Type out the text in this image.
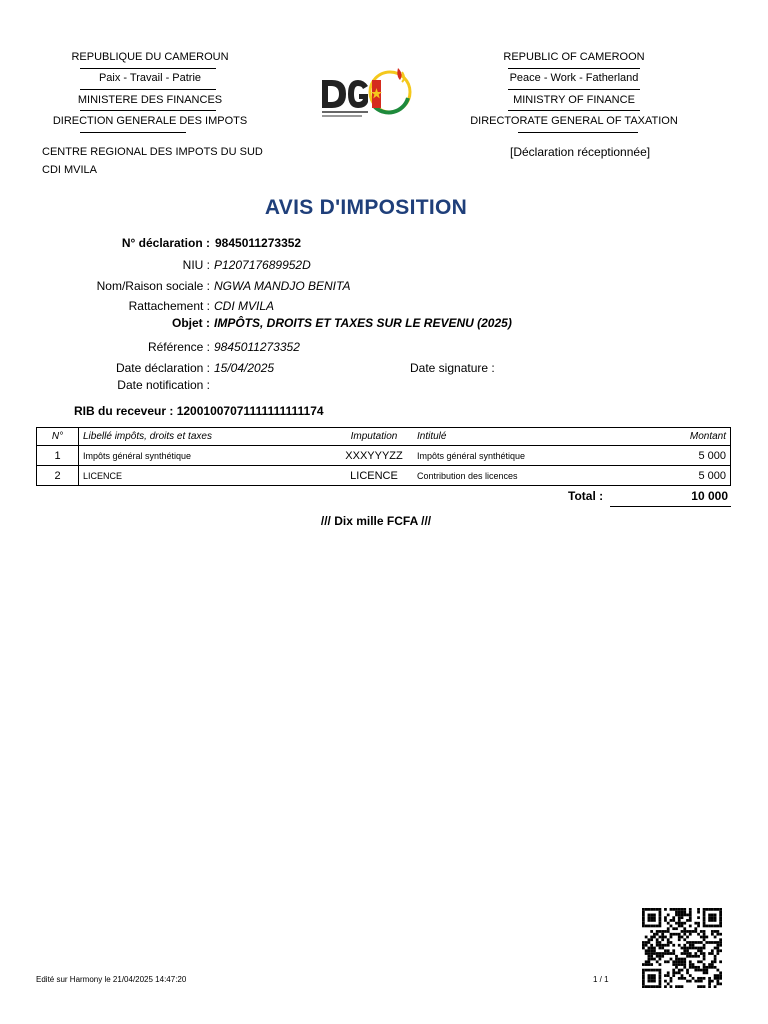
REPUBLIQUE DU CAMEROUN
Paix - Travail - Patrie
MINISTERE DES FINANCES
DIRECTION GENERALE DES IMPOTS
REPUBLIC OF CAMEROON
Peace - Work - Fatherland
MINISTRY OF FINANCE
DIRECTORATE GENERAL OF TAXATION
CENTRE REGIONAL DES IMPOTS DU SUD
CDI MVILA
[Déclaration réceptionnée]
AVIS D'IMPOSITION
N° déclaration : 9845011273352
NIU : P120717689952D
Nom/Raison sociale : NGWA MANDJO BENITA
Rattachement : CDI MVILA
Objet : IMPÔTS, DROITS ET TAXES SUR LE REVENU (2025)
Référence : 9845011273352
Date déclaration : 15/04/2025	Date signature :
Date notification :
RIB du receveur : 12001007071111111111174
N°	Libellé impôts, droits et taxes	Imputation	Intitulé	Montant
1	Impôts général synthétique	XXXYYYZZ	Impôts général synthétique	5 000
2	LICENCE	LICENCE	Contribution des licences	5 000
Total :	10 000
/// Dix mille FCFA ///
Edité sur Harmony le 21/04/2025 14:47:20	1 / 1
